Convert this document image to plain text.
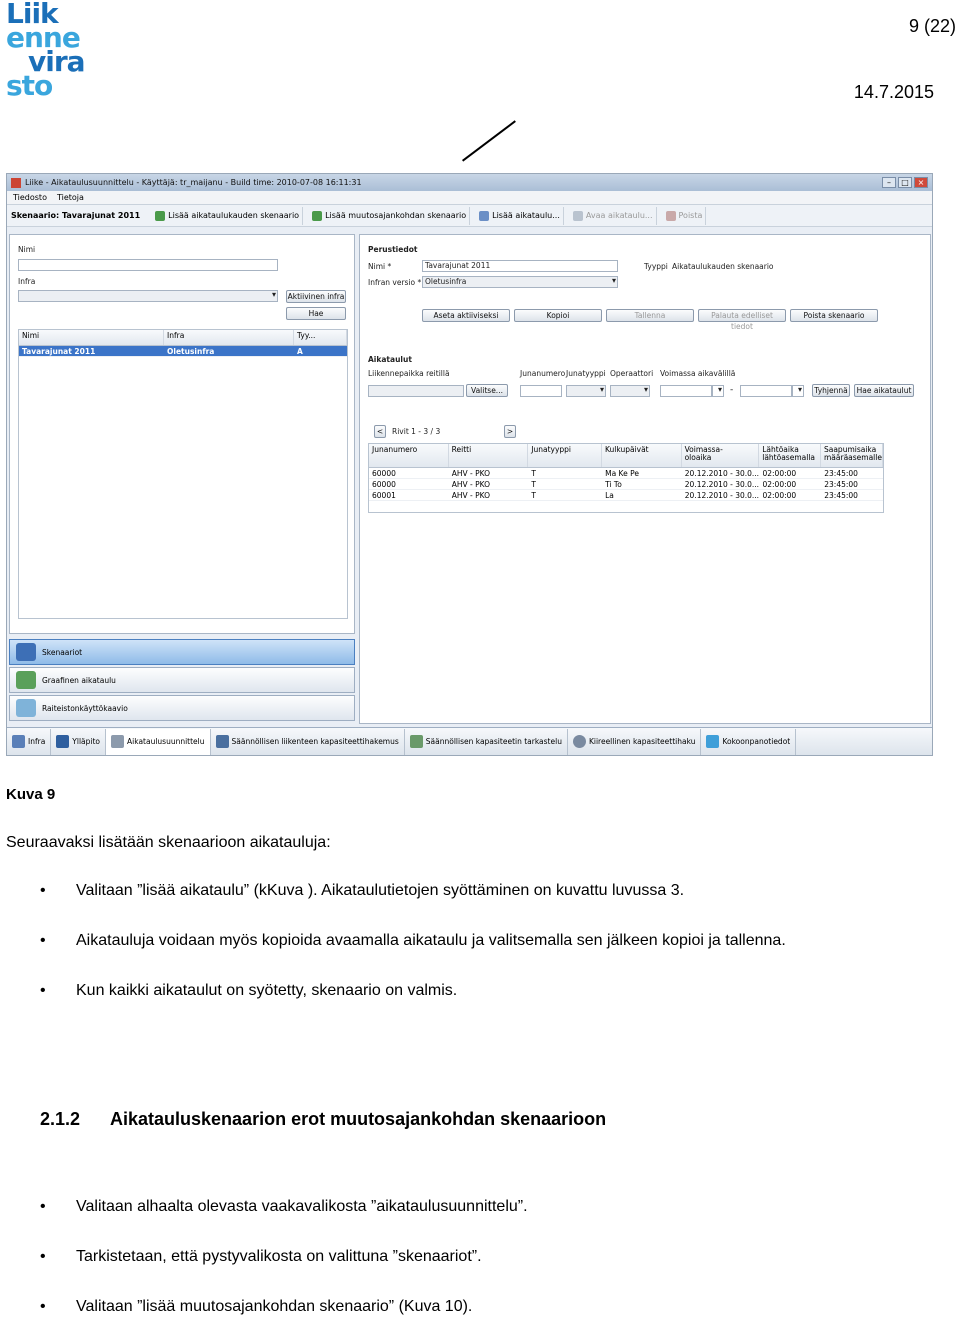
Liik
enne
vira
sto
9 (22)
14.7.2015
Liike - Aikataulusuunnittelu - Käyttäjä: tr_maijanu - Build time: 2010-07-08 16:11:31	–	□	×
Tiedosto Tietoja
Skenaario: Tavarajunat 2011	Lisää aikataulukauden skenaario	Lisää muutosajankohdan skenaario	Lisää aikataulu...	Avaa aikataulu...	Poista
Nimi
Infra
▾
Aktiivinen infra
Hae
Nimi	Infra	Tyy...
Tavarajunat 2011	Oletusinfra	A
Perustiedot
Nimi *	Tavarajunat 2011
Infran versio * Oletusinfra ▾
Tyyppi Aikataulukauden skenaario
Aseta aktiiviseksi	Kopioi	Tallenna	Palauta edelliset tiedot
Poista skenaario
Aikataulut
Liikennepaikka reitillä
Valitse...
Junanumero Junatyyppi
▾ Operaattori
▾ Voimassa aikavälillä
▾
-
▾	Tyhjennä	Hae aikataulut
<	Rivit 1 - 3 / 3	>
Junanumero	Reitti	Junatyyppi	Kulkupäivät	Voimassa-
oloaika
Lähtöaika
lähtöasemalla
Saapumisaika
määräasemalle
60000	AHV - PKO	T	Ma Ke Pe	20.12.2010 - 30.0... 02:00:00	23:45:00
60000	AHV - PKO	T	Ti To	20.12.2010 - 30.0... 02:00:00	23:45:00
60001	AHV - PKO	T	La	20.12.2010 - 30.0... 02:00:00	23:45:00
Skenaariot
Graafinen aikataulu
Raiteistonkäyttökaavio
Infra	Ylläpito	Aikataulusuunnittelu	Säännöllisen liikenteen kapasiteettihakemus	Säännöllisen kapasiteetin tarkastelu	Kiireellinen kapasiteettihaku	Kokoonpanotiedot
Kuva 9
Seuraavaksi lisätään skenaarioon aikatauluja:
• Valitaan ”lisää aikataulu” (kKuva ). Aikataulutietojen syöttäminen on kuvattu luvussa 3.
• Aikatauluja voidaan myös kopioida avaamalla aikataulu ja valitsemalla sen jälkeen kopioi ja tallenna.
• Kun kaikki aikataulut on syötetty, skenaario on valmis.
2.1.2 Aikatauluskenaarion erot muutosajankohdan skenaarioon
• Valitaan alhaalta olevasta vaakavalikosta ”aikataulusuunnittelu”.
• Tarkistetaan, että pystyvalikosta on valittuna ”skenaariot”.
• Valitaan ”lisää muutosajankohdan skenaario” (Kuva 10).
